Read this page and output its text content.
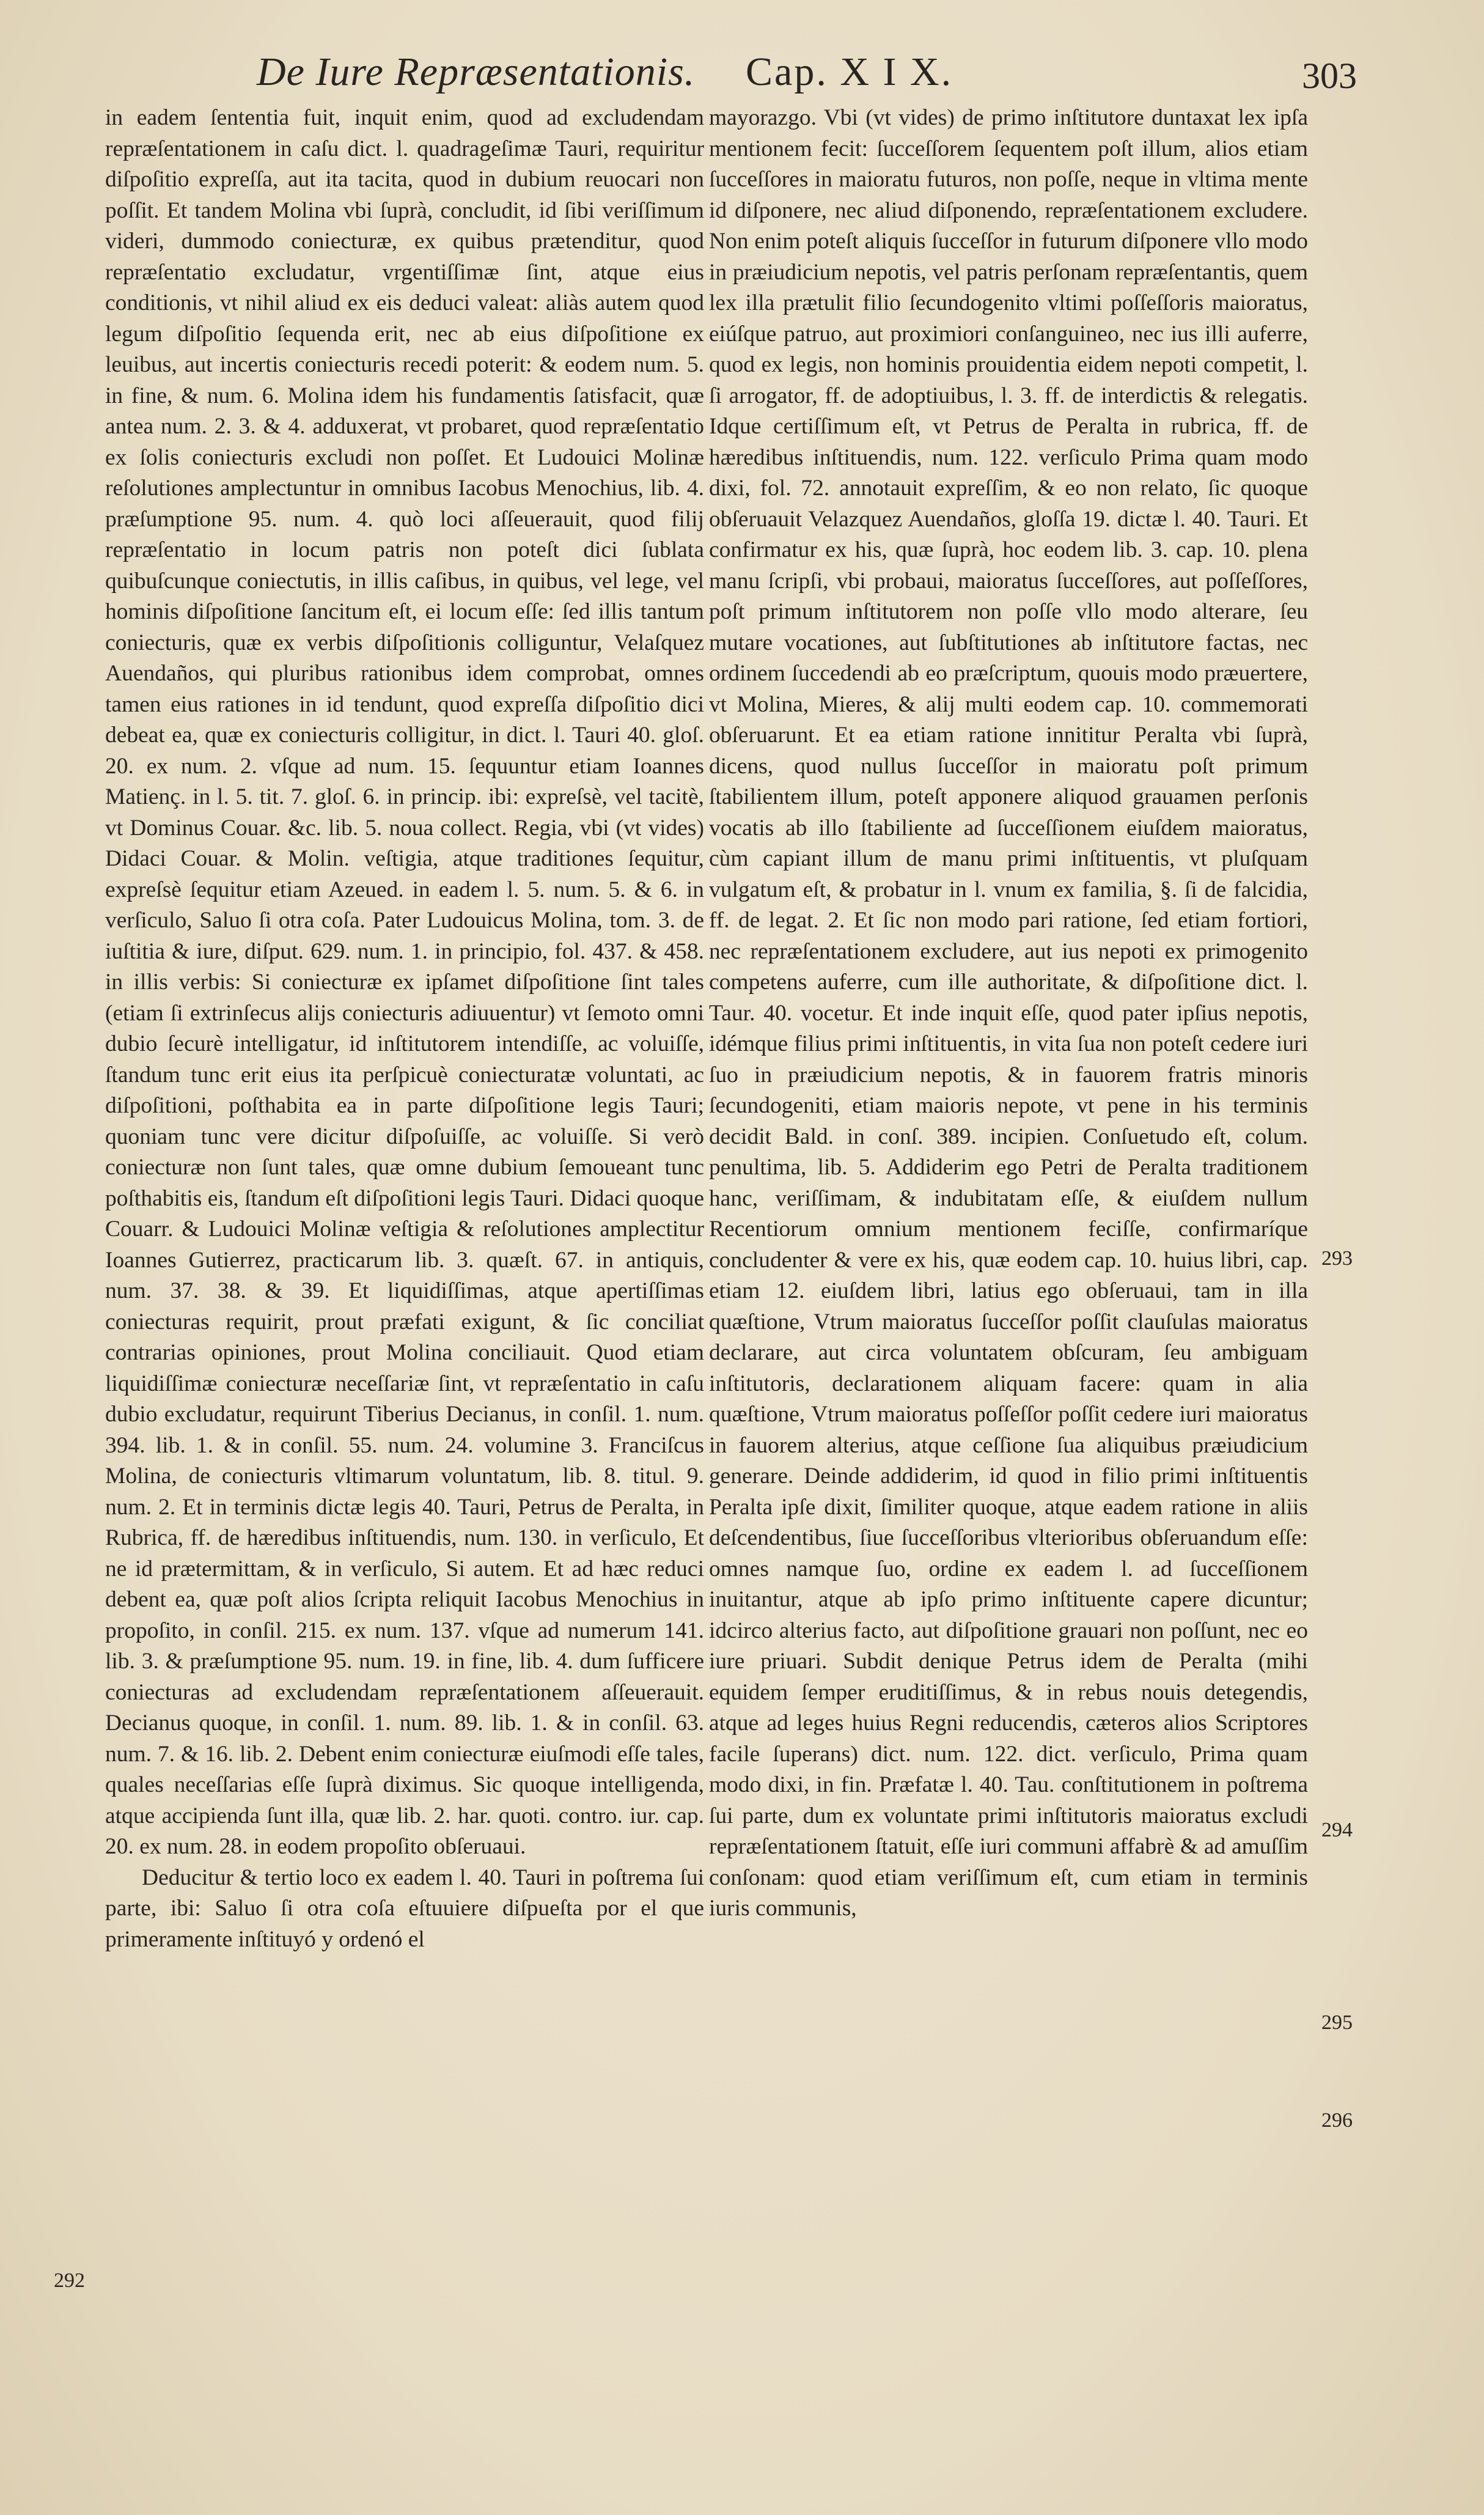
De Iure Repræsentationis. Cap. X I X.	303

in eadem ſententia fuit, inquit enim, quod ad excludendam repræſentationem in caſu dict. l. quadrageſimæ Tauri, requiritur diſpoſitio expreſſa, aut ita tacita, quod in dubium reuocari non poſſit. Et tandem Molina vbi ſuprà, concludit, id ſibi veriſſimum videri, dummodo coniecturæ, ex quibus prætenditur, quod repræſentatio excludatur, vrgentiſſimæ ſint, atque eius conditionis, vt nihil aliud ex eis deduci valeat: aliàs autem quod legum diſpoſitio ſequenda erit, nec ab eius diſpoſitione ex leuibus, aut incertis coniecturis recedi poterit: & eodem num. 5. in fine, & num. 6. Molina idem his fundamentis ſatisfacit, quæ antea num. 2. 3. & 4. adduxerat, vt probaret, quod repræſentatio ex ſolis coniecturis excludi non poſſet. Et Ludouici Molinæ reſolutiones amplectuntur in omnibus Iacobus Menochius, lib. 4. præſumptione 95. num. 4. quò loci aſſeuerauit, quod filij repræſentatio in locum patris non poteſt dici ſublata quibuſcunque coniectutis, in illis caſibus, in quibus, vel lege, vel hominis diſpoſitione ſancitum eſt, ei locum eſſe: ſed illis tantum coniecturis, quæ ex verbis diſpoſitionis colliguntur, Velaſquez Auendaños, qui pluribus rationibus idem comprobat, omnes tamen eius rationes in id tendunt, quod expreſſa diſpoſitio dici debeat ea, quæ ex coniecturis colligitur, in dict. l. Tauri 40. gloſ. 20. ex num. 2. vſque ad num. 15. ſequuntur etiam Ioannes Matienç. in l. 5. tit. 7. gloſ. 6. in princip. ibi: expreſsè, vel tacitè, vt Dominus Couar. &c. lib. 5. noua collect. Regia, vbi (vt vides) Didaci Couar. & Molin. veſtigia, atque traditiones ſequitur, expreſsè ſequitur etiam Azeued. in eadem l. 5. num. 5. & 6. in verſiculo, Saluo ſi otra coſa. Pater Ludouicus Molina, tom. 3. de iuſtitia & iure, diſput. 629. num. 1. in principio, fol. 437. & 458. in illis verbis: Si coniecturæ ex ipſamet diſpoſitione ſint tales (etiam ſi extrinſecus alijs coniecturis adiuuentur) vt ſemoto omni dubio ſecurè intelligatur, id inſtitutorem intendiſſe, ac voluiſſe, ſtandum tunc erit eius ita perſpicuè coniecturatæ voluntati, ac diſpoſitioni, poſthabita ea in parte diſpoſitione legis Tauri; quoniam tunc vere dicitur diſpoſuiſſe, ac voluiſſe. Si verò coniecturæ non ſunt tales, quæ omne dubium ſemoueant tunc poſthabitis eis, ſtandum eſt diſpoſitioni legis Tauri. Didaci quoque Couarr. & Ludouici Molinæ veſtigia & reſolutiones amplectitur Ioannes Gutierrez, practicarum lib. 3. quæſt. 67. in antiquis, num. 37. 38. & 39. Et liquidiſſimas, atque apertiſſimas coniecturas requirit, prout præfati exigunt, & ſic conciliat contrarias opiniones, prout Molina conciliauit. Quod etiam liquidiſſimæ coniecturæ neceſſariæ ſint, vt repræſentatio in caſu dubio excludatur, requirunt Tiberius Decianus, in conſil. 1. num. 394. lib. 1. & in conſil. 55. num. 24. volumine 3. Franciſcus Molina, de coniecturis vltimarum voluntatum, lib. 8. titul. 9. num. 2. Et in terminis dictæ legis 40. Tauri, Petrus de Peralta, in Rubrica, ff. de hæredibus inſtituendis, num. 130. in verſiculo, Et ne id prætermittam, & in verſiculo, Si autem. Et ad hæc reduci debent ea, quæ poſt alios ſcripta reliquit Iacobus Menochius in propoſito, in conſil. 215. ex num. 137. vſque ad numerum 141. lib. 3. & præſumptione 95. num. 19. in fine, lib. 4. dum ſufficere coniecturas ad excludendam repræſentationem aſſeuerauit. Decianus quoque, in conſil. 1. num. 89. lib. 1. & in conſil. 63. num. 7. & 16. lib. 2. Debent enim coniecturæ eiuſmodi eſſe tales, quales neceſſarias eſſe ſuprà diximus. Sic quoque intelligenda, atque accipienda ſunt illa, quæ lib. 2. har. quoti. contro. iur. cap. 20. ex num. 28. in eodem propoſito obſeruaui.

Deducitur & tertio loco ex eadem l. 40. Tauri in poſtrema ſui parte, ibi: Saluo ſi otra coſa eſtuuiere diſpueſta por el que primeramente inſtituyó y ordenó el

mayorazgo. Vbi (vt vides) de primo inſtitutore duntaxat lex ipſa mentionem fecit: ſucceſſorem ſequentem poſt illum, alios etiam ſucceſſores in maioratu futuros, non poſſe, neque in vltima mente id diſponere, nec aliud diſponendo, repræſentationem excludere. Non enim poteſt aliquis ſucceſſor in futurum diſponere vllo modo in præiudicium nepotis, vel patris perſonam repræſentantis, quem lex illa prætulit filio ſecundogenito vltimi poſſeſſoris maioratus, eiúſque patruo, aut proximiori conſanguineo, nec ius illi auferre, quod ex legis, non hominis prouidentia eidem nepoti competit, l. ſi arrogator, ff. de adoptiuibus, l. 3. ff. de interdictis & relegatis. Idque certiſſimum eſt, vt Petrus de Peralta in rubrica, ff. de hæredibus inſtituendis, num. 122. verſiculo Prima quam modo dixi, fol. 72. annotauit expreſſim, & eo non relato, ſic quoque obſeruauit Velazquez Auendaños, gloſſa 19. dictæ l. 40. Tauri. Et confirmatur ex his, quæ ſuprà, hoc eodem lib. 3. cap. 10. plena manu ſcripſi, vbi probaui, maioratus ſucceſſores, aut poſſeſſores, poſt primum inſtitutorem non poſſe vllo modo alterare, ſeu mutare vocationes, aut ſubſtitutiones ab inſtitutore factas, nec ordinem ſuccedendi ab eo præſcriptum, quouis modo præuertere, vt Molina, Mieres, & alij multi eodem cap. 10. commemorati obſeruarunt. Et ea etiam ratione innititur Peralta vbi ſuprà, dicens, quod nullus ſucceſſor in maioratu poſt primum ſtabilientem illum, poteſt apponere aliquod grauamen perſonis vocatis ab illo ſtabiliente ad ſucceſſionem eiuſdem maioratus, cùm capiant illum de manu primi inſtituentis, vt pluſquam vulgatum eſt, & probatur in l. vnum ex familia, §. ſi de falcidia, ff. de legat. 2. Et ſic non modo pari ratione, ſed etiam fortiori, nec repræſentationem excludere, aut ius nepoti ex primogenito competens auferre, cum ille authoritate, & diſpoſitione dict. l. Taur. 40. vocetur. Et inde inquit eſſe, quod pater ipſius nepotis, idémque filius primi inſtituentis, in vita ſua non poteſt cedere iuri ſuo in præiudicium nepotis, & in fauorem fratris minoris ſecundogeniti, etiam maioris nepote, vt pene in his terminis decidit Bald. in conſ. 389. incipien. Conſuetudo eſt, colum. penultima, lib. 5. Addiderim ego Petri de Peralta traditionem hanc, veriſſimam, & indubitatam eſſe, & eiuſdem nullum Recentiorum omnium mentionem feciſſe, confirmaríque concludenter & vere ex his, quæ eodem cap. 10. huius libri, cap. etiam 12. eiuſdem libri, latius ego obſeruaui, tam in illa quæſtione, Vtrum maioratus ſucceſſor poſſit clauſulas maioratus declarare, aut circa voluntatem obſcuram, ſeu ambiguam inſtitutoris, declarationem aliquam facere: quam in alia quæſtione, Vtrum maioratus poſſeſſor poſſit cedere iuri maioratus in fauorem alterius, atque ceſſione ſua aliquibus præiudicium generare. Deinde addiderim, id quod in filio primi inſtituentis Peralta ipſe dixit, ſimiliter quoque, atque eadem ratione in aliis deſcendentibus, ſiue ſucceſſoribus vlterioribus obſeruandum eſſe: omnes namque ſuo, ordine ex eadem l. ad ſucceſſionem inuitantur, atque ab ipſo primo inſtituente capere dicuntur; idcirco alterius facto, aut diſpoſitione grauari non poſſunt, nec eo iure priuari. Subdit denique Petrus idem de Peralta (mihi equidem ſemper eruditiſſimus, & in rebus nouis detegendis, atque ad leges huius Regni reducendis, cæteros alios Scriptores facile ſuperans) dict. num. 122. dict. verſiculo, Prima quam modo dixi, in fin. Præfatæ l. 40. Tau. conſtitutionem in poſtrema ſui parte, dum ex voluntate primi inſtitutoris maioratus excludi repræſentationem ſtatuit, eſſe iuri communi affabrè & ad amuſſim conſonam: quod etiam veriſſimum eſt, cum etiam in terminis iuris communis,

292
293
294
295
296
